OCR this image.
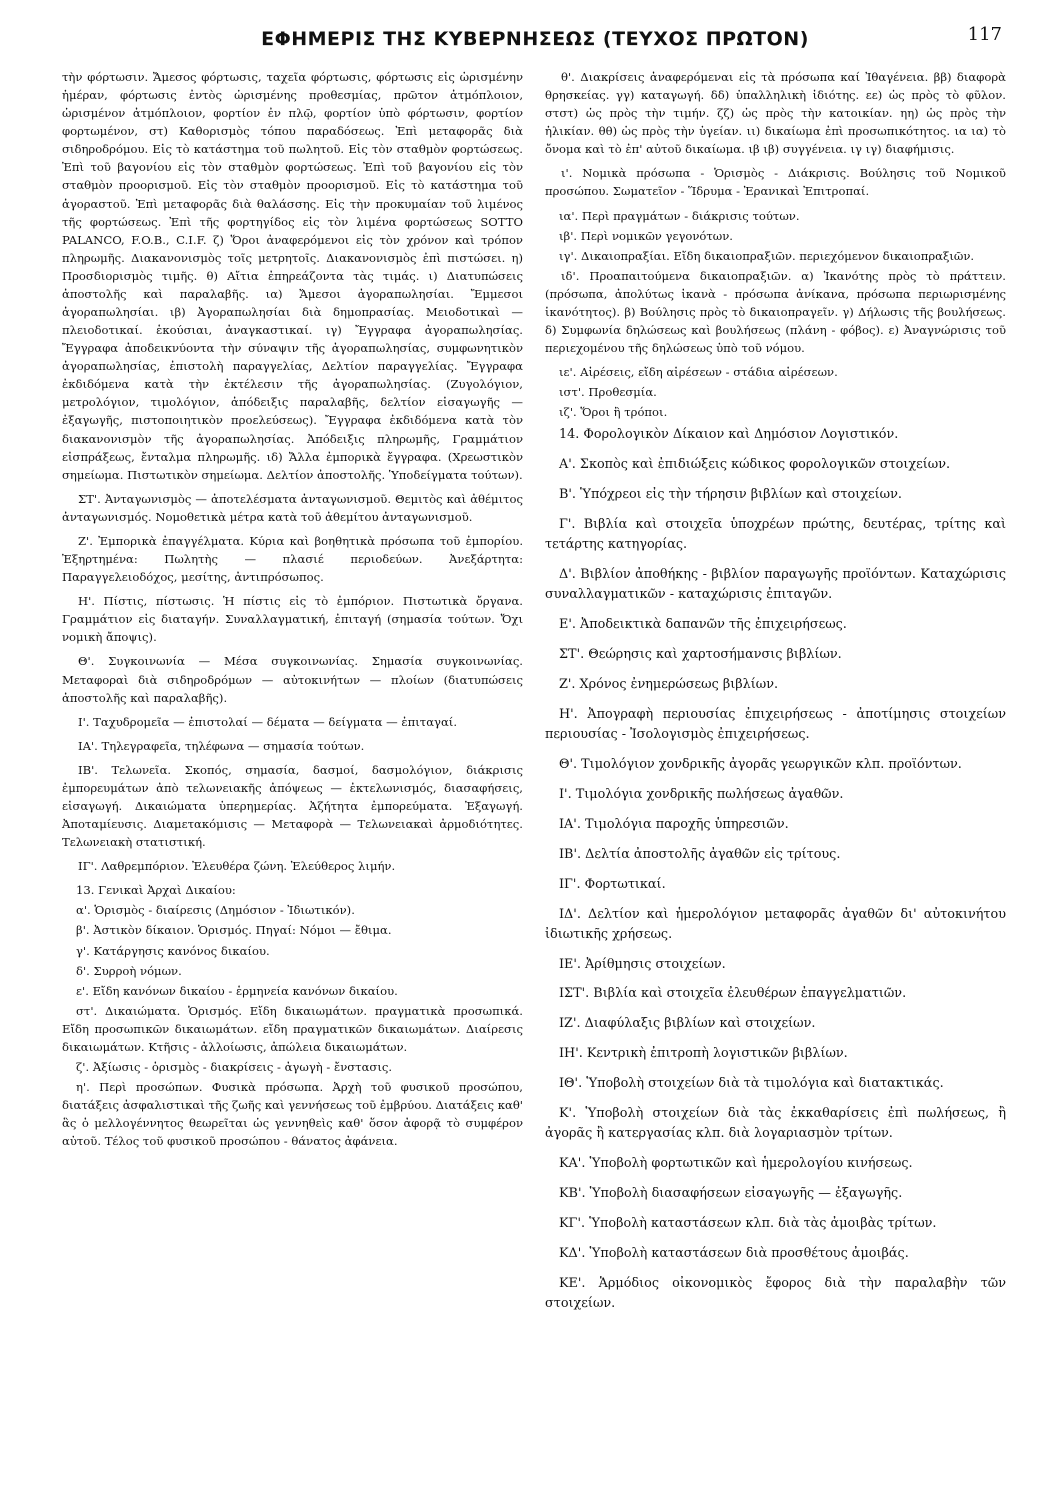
ΕΦΗΜΕΡΙΣ ΤΗΣ ΚΥΒΕΡΝΗΣΕΩΣ (ΤΕΥΧΟΣ ΠΡΩΤΟΝ)	117

τὴν φόρτωσιν. Ἄμεσος φόρτωσις, ταχεῖα φόρτωσις, φόρτωσις εἰς ὡρισμένην ἡμέραν, φόρτωσις ἐντὸς ὡρισμένης προθεσμίας, πρῶτον ἀτμόπλοιον, ὡρισμένον ἀτμόπλοιον, φορτίον ἐν πλῷ, φορτίον ὑπὸ φόρτωσιν, φορτίον φορτωμένον, στ) Καθορισμὸς τόπου παραδόσεως. Ἐπὶ μεταφορᾶς διὰ σιδηροδρόμου. Εἰς τὸ κατάστημα τοῦ πωλητοῦ. Εἰς τὸν σταθμὸν φορτώσεως. Ἐπὶ τοῦ βαγονίου εἰς τὸν σταθμὸν φορτώσεως. Ἐπὶ τοῦ βαγονίου εἰς τὸν σταθμὸν προορισμοῦ. Εἰς τὸν σταθμὸν προορισμοῦ. Εἰς τὸ κατάστημα τοῦ ἀγοραστοῦ. Ἐπὶ μεταφορᾶς διὰ θαλάσσης. Εἰς τὴν προκυμαίαν τοῦ λιμένος τῆς φορτώσεως. Ἐπὶ τῆς φορτηγίδος εἰς τὸν λιμένα φορτώσεως SOTTO PALANCO, F.O.B., C.I.F. ζ) Ὅροι ἀναφερόμενοι εἰς τὸν χρόνον καὶ τρόπον πληρωμῆς. Διακανονισμὸς τοῖς μετρητοῖς. Διακανονισμὸς ἐπὶ πιστώσει. η) Προσδιορισμὸς τιμῆς. θ) Αἴτια ἐπηρεάζοντα τὰς τιμάς. ι) Διατυπώσεις ἀποστολῆς καὶ παραλαβῆς. ια) Ἄμεσοι ἀγοραπωλησίαι. Ἔμμεσοι ἀγοραπωλησίαι. ιβ) Ἀγοραπωλησίαι διὰ δημοπρασίας. Μειοδοτικαὶ — πλειοδοτικαί. ἑκούσιαι, ἀναγκαστικαί. ιγ) Ἔγγραφα ἀγοραπωλησίας. Ἔγγραφα ἀποδεικνύοντα τὴν σύναψιν τῆς ἀγοραπωλησίας, συμφωνητικὸν ἀγοραπωλησίας, ἐπιστολὴ παραγγελίας, Δελτίον παραγγελίας. Ἔγγραφα ἐκδιδόμενα κατὰ τὴν ἐκτέλεσιν τῆς ἀγοραπωλησίας. (Ζυγολόγιον, μετρολόγιον, τιμολόγιον, ἀπόδειξις παραλαβῆς, δελτίον εἰσαγωγῆς — ἐξαγωγῆς, πιστοποιητικὸν προελεύσεως). Ἔγγραφα ἐκδιδόμενα κατὰ τὸν διακανονισμὸν τῆς ἀγοραπωλησίας. Ἀπόδειξις πληρωμῆς, Γραμμάτιον εἰσπράξεως, ἔνταλμα πληρωμῆς. ιδ) Ἄλλα ἐμπορικὰ ἔγγραφα. (Χρεωστικὸν σημείωμα. Πιστωτικὸν σημείωμα. Δελτίον ἀποστολῆς. Ὑποδείγματα τούτων).

ΣΤ'. Ἀνταγωνισμὸς — ἀποτελέσματα ἀνταγωνισμοῦ. Θεμιτὸς καὶ ἀθέμιτος ἀνταγωνισμός. Νομοθετικὰ μέτρα κατὰ τοῦ ἀθεμίτου ἀνταγωνισμοῦ.

Ζ'. Ἐμπορικὰ ἐπαγγέλματα. Κύρια καὶ βοηθητικὰ πρόσωπα τοῦ ἐμπορίου. Ἐξηρτημένα: Πωλητὴς — πλασιέ περιοδεύων. Ἀνεξάρτητα: Παραγγελειοδόχος, μεσίτης, ἀντιπρόσωπος.

Η'. Πίστις, πίστωσις. Ἡ πίστις εἰς τὸ ἐμπόριον. Πιστωτικὰ ὄργανα. Γραμμάτιον εἰς διαταγήν. Συναλλαγματική, ἐπιταγή (σημασία τούτων. Ὄχι νομικὴ ἄποψις).

Θ'. Συγκοινωνία — Μέσα συγκοινωνίας. Σημασία συγκοινωνίας. Μεταφοραὶ διὰ σιδηροδρόμων — αὐτοκινήτων — πλοίων (διατυπώσεις ἀποστολῆς καὶ παραλαβῆς).

Ι'. Ταχυδρομεῖα — ἐπιστολαί — δέματα — δείγματα — ἐπιταγαί.

ΙΑ'. Τηλεγραφεῖα, τηλέφωνα — σημασία τούτων.

ΙΒ'. Τελωνεῖα. Σκοπός, σημασία, δασμοί, δασμολόγιον, διάκρισις ἐμπορευμάτων ἀπὸ τελωνειακῆς ἀπόψεως — ἐκτελωνισμός, διασαφήσεις, εἰσαγωγή. Δικαιώματα ὑπερημερίας. Ἀζήτητα ἐμπορεύματα. Ἐξαγωγή. Ἀποταμίευσις. Διαμετακόμισις — Μεταφορὰ — Τελωνειακαὶ ἀρμοδιότητες. Τελωνειακὴ στατιστική.

ΙΓ'. Λαθρεμπόριον. Ἐλευθέρα ζώνη. Ἐλεύθερος λιμήν.

13. Γενικαὶ Ἀρχαὶ Δικαίου:

α'. Ὁρισμὸς - διαίρεσις (Δημόσιον - Ἰδιωτικόν).

β'. Ἀστικὸν δίκαιον. Ὁρισμός. Πηγαί: Νόμοι — ἔθιμα.

γ'. Κατάργησις κανόνος δικαίου.

δ'. Συρροὴ νόμων.

ε'. Εἴδη κανόνων δικαίου - ἑρμηνεία κανόνων δικαίου.

στ'. Δικαιώματα. Ὁρισμός. Εἴδη δικαιωμάτων. πραγματικὰ προσωπικά. Εἴδη προσωπικῶν δικαιωμάτων. εἴδη πραγματικῶν δικαιωμάτων. Διαίρεσις δικαιωμάτων. Κτῆσις - ἀλλοίωσις, ἀπώλεια δικαιωμάτων.

ζ'. Ἀξίωσις - ὁρισμὸς - διακρίσεις - ἀγωγὴ - ἔνστασις.

η'. Περὶ προσώπων. Φυσικὰ πρόσωπα. Ἀρχὴ τοῦ φυσικοῦ προσώπου, διατάξεις ἀσφαλιστικαὶ τῆς ζωῆς καὶ γεννήσεως τοῦ ἐμβρύου. Διατάξεις καθ' ἃς ὁ μελλογέννητος θεωρεῖται ὡς γεννηθεὶς καθ' ὅσον ἀφορᾷ τὸ συμφέρον αὐτοῦ. Τέλος τοῦ φυσικοῦ προσώπου - θάνατος ἀφάνεια.

θ'. Διακρίσεις ἀναφερόμεναι εἰς τὰ πρόσωπα καί Ἰθαγένεια. ββ) διαφορὰ θρησκείας. γγ) καταγωγή. δδ) ὑπαλληλικὴ ἰδιότης. εε) ὡς πρὸς τὸ φῦλον. στστ) ὡς πρὸς τὴν τιμήν. ζζ) ὡς πρὸς τὴν κατοικίαν. ηη) ὡς πρὸς τὴν ἡλικίαν. θθ) ὡς πρὸς τὴν ὑγείαν. ιι) δικαίωμα ἐπὶ προσωπικότητος. ια ια) τὸ ὄνομα καὶ τὸ ἐπ' αὐτοῦ δικαίωμα. ιβ ιβ) συγγένεια. ιγ ιγ) διαφήμισις.

ι'. Νομικὰ πρόσωπα - Ὁρισμὸς - Διάκρισις. Βούλησις τοῦ Νομικοῦ προσώπου. Σωματεῖον - Ἵδρυμα - Ἐρανικαὶ Ἐπιτροπαί.

ια'. Περὶ πραγμάτων - διάκρισις τούτων.

ιβ'. Περὶ νομικῶν γεγονότων.

ιγ'. Δικαιοπραξίαι. Εἴδη δικαιοπραξιῶν. περιεχόμενον δικαιοπραξιῶν.

ιδ'. Προαπαιτούμενα δικαιοπραξιῶν. α) Ἱκανότης πρὸς τὸ πράττειν. (πρόσωπα, ἀπολύτως ἱκανὰ - πρόσωπα ἀνίκανα, πρόσωπα περιωρισμένης ἱκανότητος). β) Βούλησις πρὸς τὸ δικαιοπραγεῖν. γ) Δήλωσις τῆς βουλήσεως. δ) Συμφωνία δηλώσεως καὶ βουλήσεως (πλάνη - φόβος). ε) Ἀναγνώρισις τοῦ περιεχομένου τῆς δηλώσεως ὑπὸ τοῦ νόμου.

ιε'. Αἱρέσεις, εἴδη αἱρέσεων - στάδια αἱρέσεων.

ιστ'. Προθεσμία.

ιζ'. Ὅροι ἢ τρόποι.

14. Φορολογικὸν Δίκαιον καὶ Δημόσιον Λογιστικόν.

Α'. Σκοπὸς καὶ ἐπιδιώξεις κώδικος φορολογικῶν στοιχείων.

Β'. Ὑπόχρεοι εἰς τὴν τήρησιν βιβλίων καὶ στοιχείων.

Γ'. Βιβλία καὶ στοιχεῖα ὑποχρέων πρώτης, δευτέρας, τρίτης καὶ τετάρτης κατηγορίας.

Δ'. Βιβλίον ἀποθήκης - βιβλίον παραγωγῆς προϊόντων. Καταχώρισις συναλλαγματικῶν - καταχώρισις ἐπιταγῶν.

Ε'. Ἀποδεικτικὰ δαπανῶν τῆς ἐπιχειρήσεως.

ΣΤ'. Θεώρησις καὶ χαρτοσήμανσις βιβλίων.

Ζ'. Χρόνος ἐνημερώσεως βιβλίων.

Η'. Ἀπογραφὴ περιουσίας ἐπιχειρήσεως - ἀποτίμησις στοιχείων περιουσίας - Ἰσολογισμὸς ἐπιχειρήσεως.

Θ'. Τιμολόγιον χονδρικῆς ἀγορᾶς γεωργικῶν κλπ. προϊόντων.

Ι'. Τιμολόγια χονδρικῆς πωλήσεως ἀγαθῶν.

ΙΑ'. Τιμολόγια παροχῆς ὑπηρεσιῶν.

ΙΒ'. Δελτία ἀποστολῆς ἀγαθῶν εἰς τρίτους.

ΙΓ'. Φορτωτικαί.

ΙΔ'. Δελτίον καὶ ἡμερολόγιον μεταφορᾶς ἀγαθῶν δι' αὐτοκινήτου ἰδιωτικῆς χρήσεως.

ΙΕ'. Ἀρίθμησις στοιχείων.

ΙΣΤ'. Βιβλία καὶ στοιχεῖα ἐλευθέρων ἐπαγγελματιῶν.

ΙΖ'. Διαφύλαξις βιβλίων καὶ στοιχείων.

ΙΗ'. Κεντρικὴ ἐπιτροπὴ λογιστικῶν βιβλίων.

ΙΘ'. Ὑποβολὴ στοιχείων διὰ τὰ τιμολόγια καὶ διατακτικάς.

Κ'. Ὑποβολὴ στοιχείων διὰ τὰς ἐκκαθαρίσεις ἐπὶ πωλήσεως, ἢ ἀγορᾶς ἢ κατεργασίας κλπ. διὰ λογαριασμὸν τρίτων.

ΚΑ'. Ὑποβολὴ φορτωτικῶν καὶ ἡμερολογίου κινήσεως.

ΚΒ'. Ὑποβολὴ διασαφήσεων εἰσαγωγῆς — ἐξαγωγῆς.

ΚΓ'. Ὑποβολὴ καταστάσεων κλπ. διὰ τὰς ἀμοιβὰς τρίτων.

ΚΔ'. Ὑποβολὴ καταστάσεων διὰ προσθέτους ἀμοιβάς.

ΚΕ'. Ἁρμόδιος οἰκονομικὸς ἔφορος διὰ τὴν παραλαβὴν τῶν στοιχείων.
